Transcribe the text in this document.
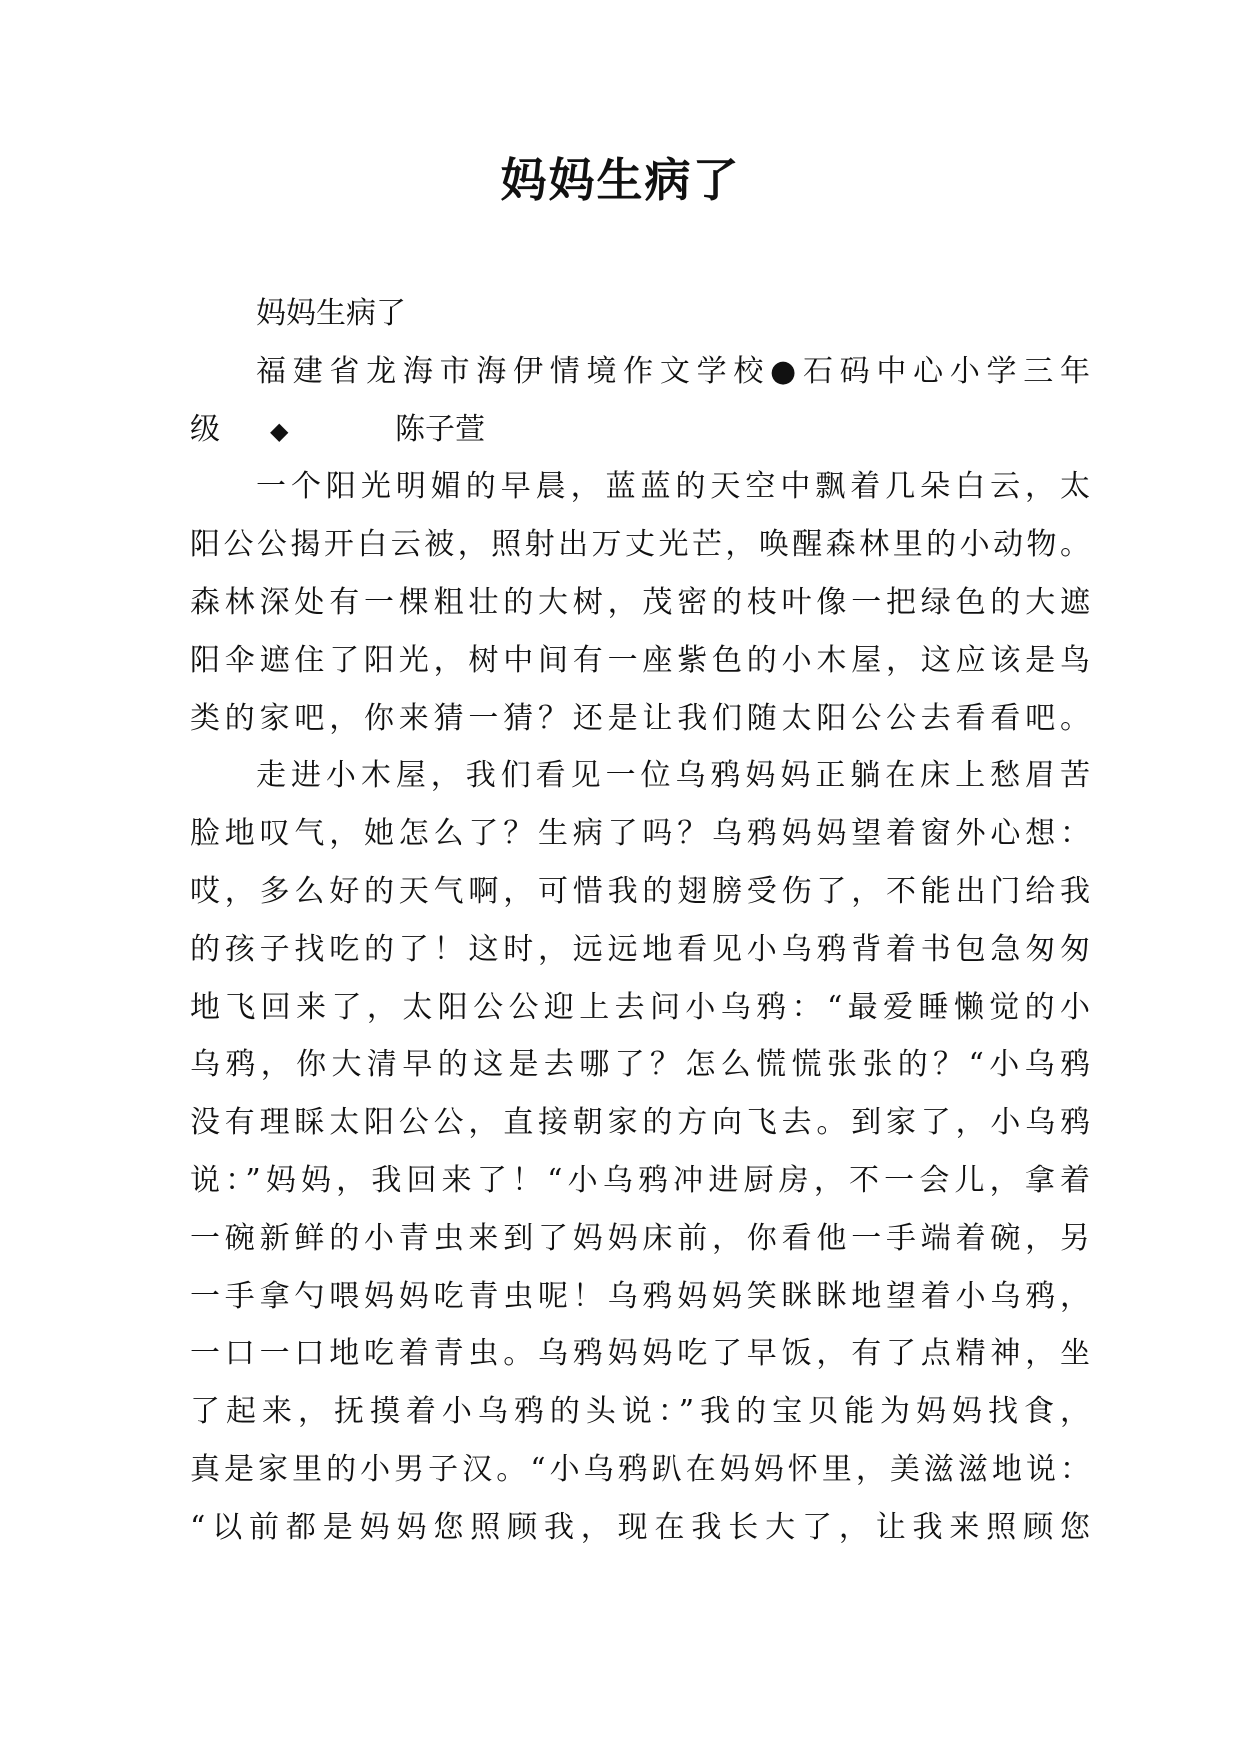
妈妈生病了

妈妈生病了

福建省龙海市海伊情境作文学校●石码中心小学三年

级 ◆	陈子萱

一个阳光明媚的早晨，蓝蓝的天空中飘着几朵白云，太

阳公公揭开白云被，照射出万丈光芒，唤醒森林里的小动物。

森林深处有一棵粗壮的大树，茂密的枝叶像一把绿色的大遮

阳伞遮住了阳光，树中间有一座紫色的小木屋，这应该是鸟

类的家吧，你来猜一猜？还是让我们随太阳公公去看看吧。

走进小木屋，我们看见一位乌鸦妈妈正躺在床上愁眉苦

脸地叹气，她怎么了？生病了吗？乌鸦妈妈望着窗外心想：

哎，多么好的天气啊，可惜我的翅膀受伤了，不能出门给我

的孩子找吃的了！这时，远远地看见小乌鸦背着书包急匆匆

地飞回来了，太阳公公迎上去问小乌鸦：“最爱睡懒觉的小

乌鸦，你大清早的这是去哪了？怎么慌慌张张的？“小乌鸦

没有理睬太阳公公，直接朝家的方向飞去。到家了，小乌鸦

说：”妈妈，我回来了！“小乌鸦冲进厨房，不一会儿，拿着

一碗新鲜的小青虫来到了妈妈床前，你看他一手端着碗，另

一手拿勺喂妈妈吃青虫呢！乌鸦妈妈笑眯眯地望着小乌鸦，

一口一口地吃着青虫。乌鸦妈妈吃了早饭，有了点精神，坐

了起来，抚摸着小乌鸦的头说：”我的宝贝能为妈妈找食，

真是家里的小男子汉。“小乌鸦趴在妈妈怀里，美滋滋地说：

“以前都是妈妈您照顾我，现在我长大了，让我来照顾您
